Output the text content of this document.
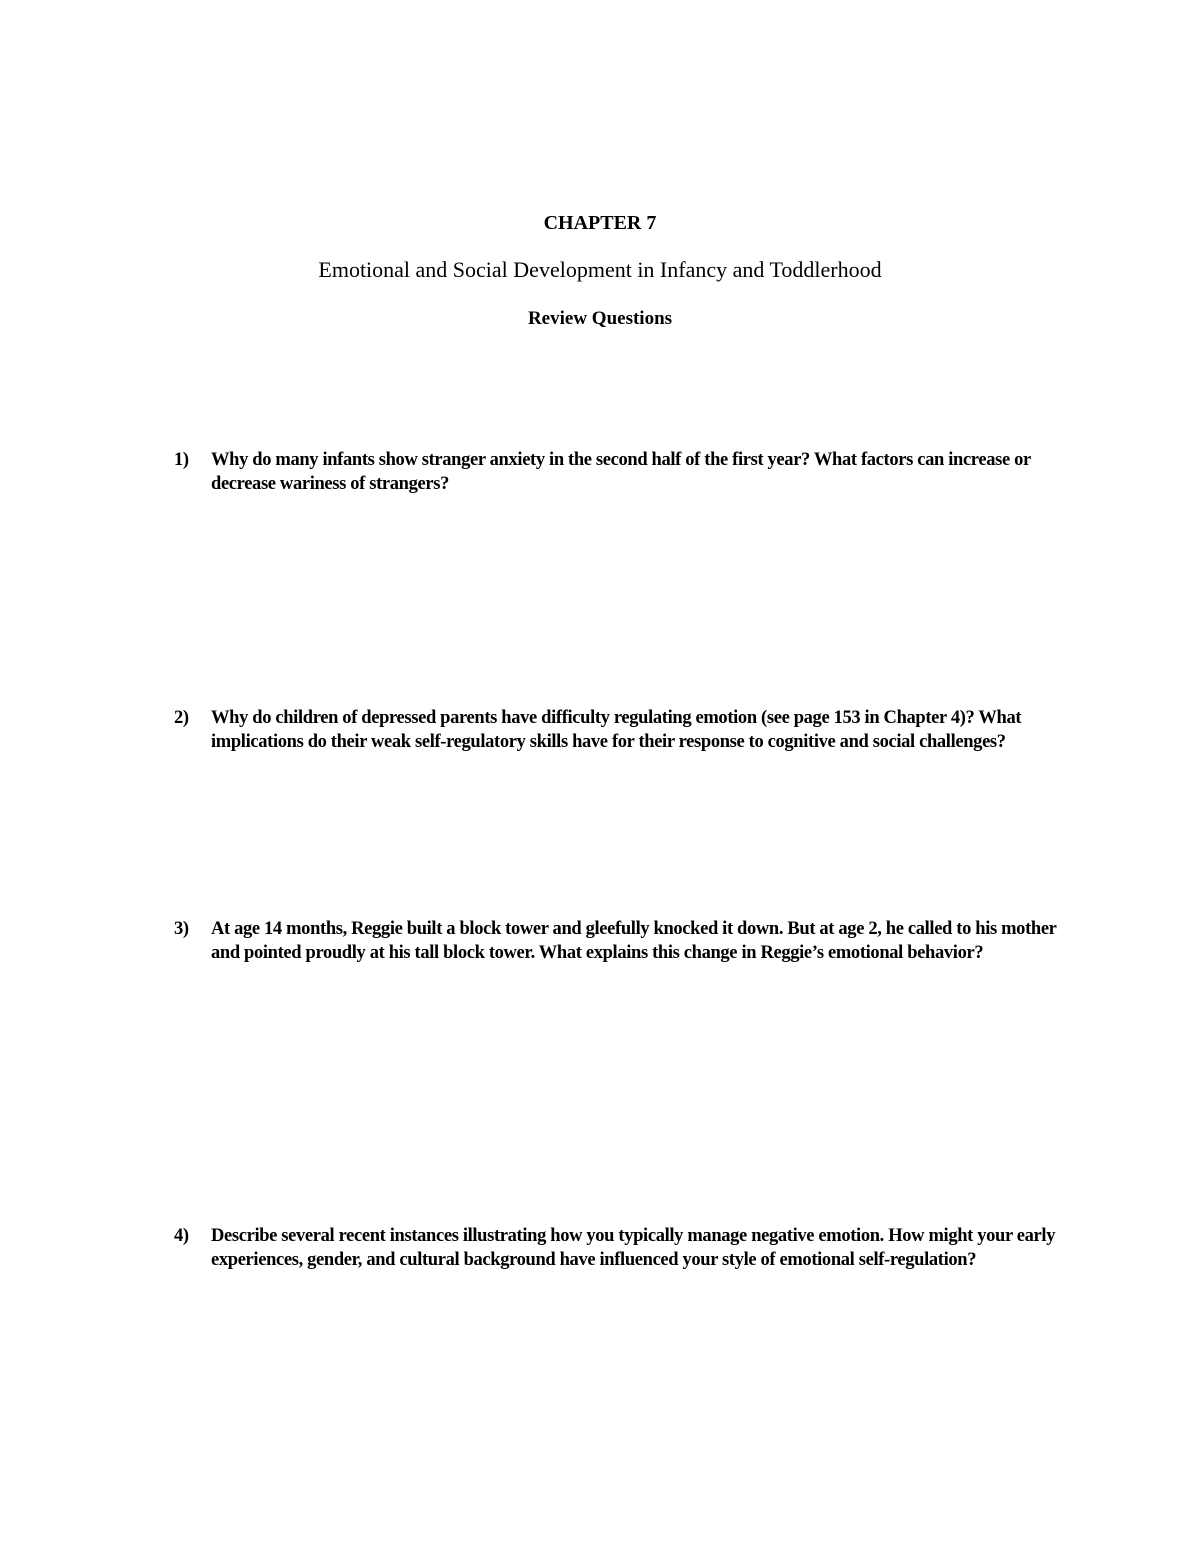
CHAPTER 7
Emotional and Social Development in Infancy and Toddlerhood
Review Questions
1)	Why do many infants show stranger anxiety in the second half of the first year? What factors can increase or decrease wariness of strangers?
2)	Why do children of depressed parents have difficulty regulating emotion (see page 153 in Chapter 4)? What implications do their weak self-regulatory skills have for their response to cognitive and social challenges?
3)	At age 14 months, Reggie built a block tower and gleefully knocked it down. But at age 2, he called to his mother and pointed proudly at his tall block tower. What explains this change in Reggie’s emotional behavior?
4)	Describe several recent instances illustrating how you typically manage negative emotion. How might your early experiences, gender, and cultural background have influenced your style of emotional self-regulation?
